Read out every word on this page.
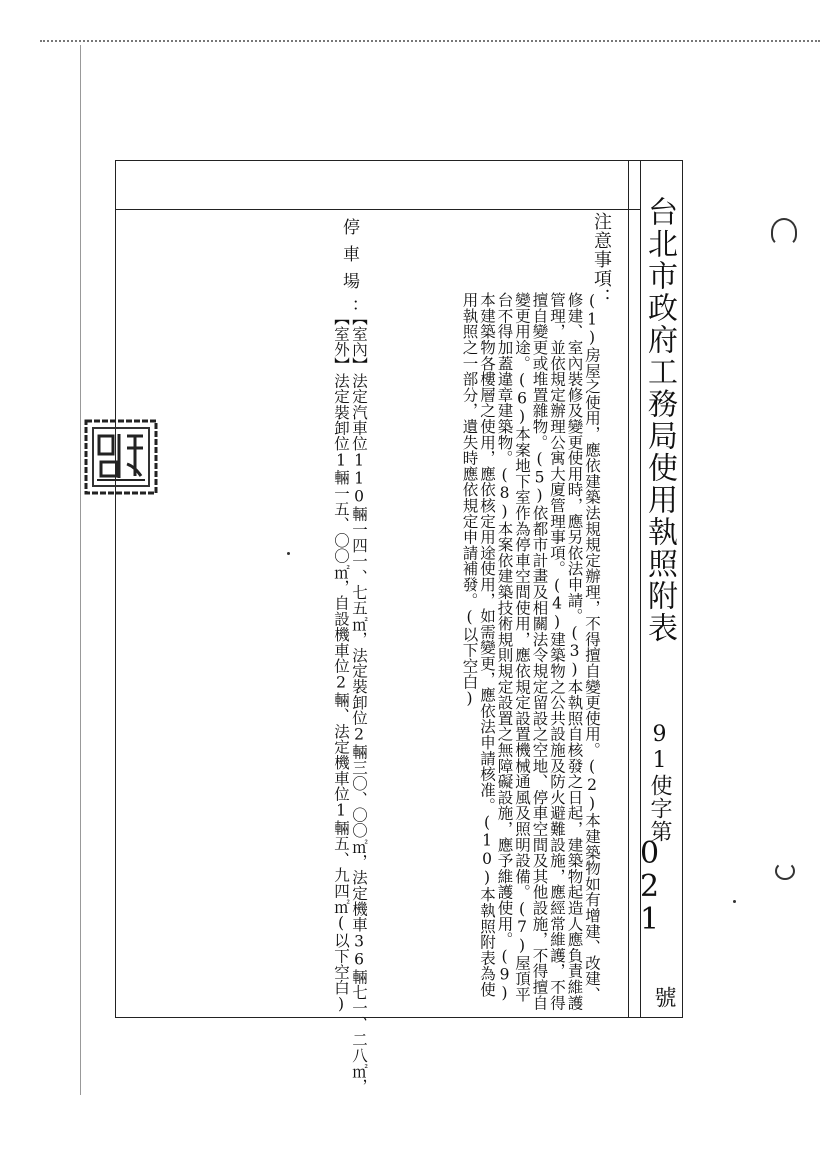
台北市政府工務局使用執照附表
91使字第
021
號
注意事項：
(1)房屋之使用，應依建築法規規定辦理，不得擅自變更使用。(2)本建築物如有增建、改建、修建、室內裝修及變更使用時，應另依法申請。(3)本執照自核發之日起，建築物起造人應負責維護管理，並依規定辦理公寓大廈管理事項。(4)建築物之公共設施及防火避難設施，應經常維護，不得擅自變更或堆置雜物。(5)依都市計畫及相關法令規定留設之空地、停車空間及其他設施，不得擅自變更用途。(6)本案地下室作為停車空間使用，應依規定設置機械通風及照明設備。(7)屋頂平台不得加蓋違章建築物。(8)本案依建築技術規則規定設置之無障礙設施，應予維護使用。(9)本建築物各樓層之使用，應依核定用途使用，如需變更，應依法申請核准。(10)本執照附表為使用執照之一部分，遺失時應依規定申請補發。(以下空白)
停車場：
【室內】法定汽車位110輛一四一、七五㎡，法定裝卸位2輛三〇、〇〇㎡，法定機車36輛七一、二八㎡，
【室外】法定裝卸位1輛一五、〇〇㎡，自設機車位2輛、法定機車位1輛五、九四㎡(以下空白)
